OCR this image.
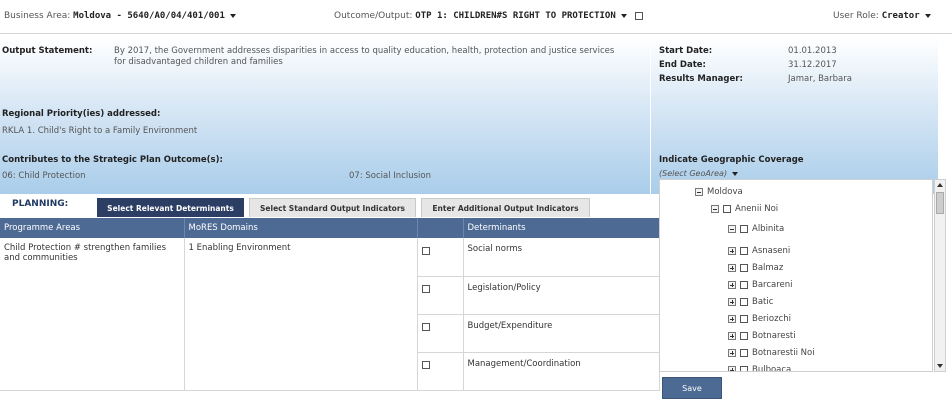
Business Area: Moldova - 5640/A0/04/401/001	Outcome/Output: OTP 1: CHILDREN#S RIGHT TO PROTECTION	User Role: Creator
Output Statement:	By 2017, the Government addresses disparities in access to quality education, health, protection and justice services
for disadvantaged children and families
Start Date:	01.01.2013
End Date:	31.12.2017
Results Manager:	Jamar, Barbara
Regional Priority(ies) addressed:
RKLA 1. Child's Right to a Family Environment
Contributes to the Strategic Plan Outcome(s):
06: Child Protection	07: Social Inclusion
Indicate Geographic Coverage
(Select GeoArea)
PLANNING:	Select Relevant Determinants	Select Standard Output Indicators	Enter Additional Output Indicators
Programme Areas	MoRES Domains		Determinants
Child Protection # strengthen families and communities	1 Enabling Environment		Social norms
			Legislation/Policy
			Budget/Expenditure
			Management/Coordination
Moldova
Anenii Noi
Albinita
Asnaseni
Balmaz
Barcareni
Batic
Beriozchi
Botnaresti
Botnarestii Noi
Bulboaca
Save
